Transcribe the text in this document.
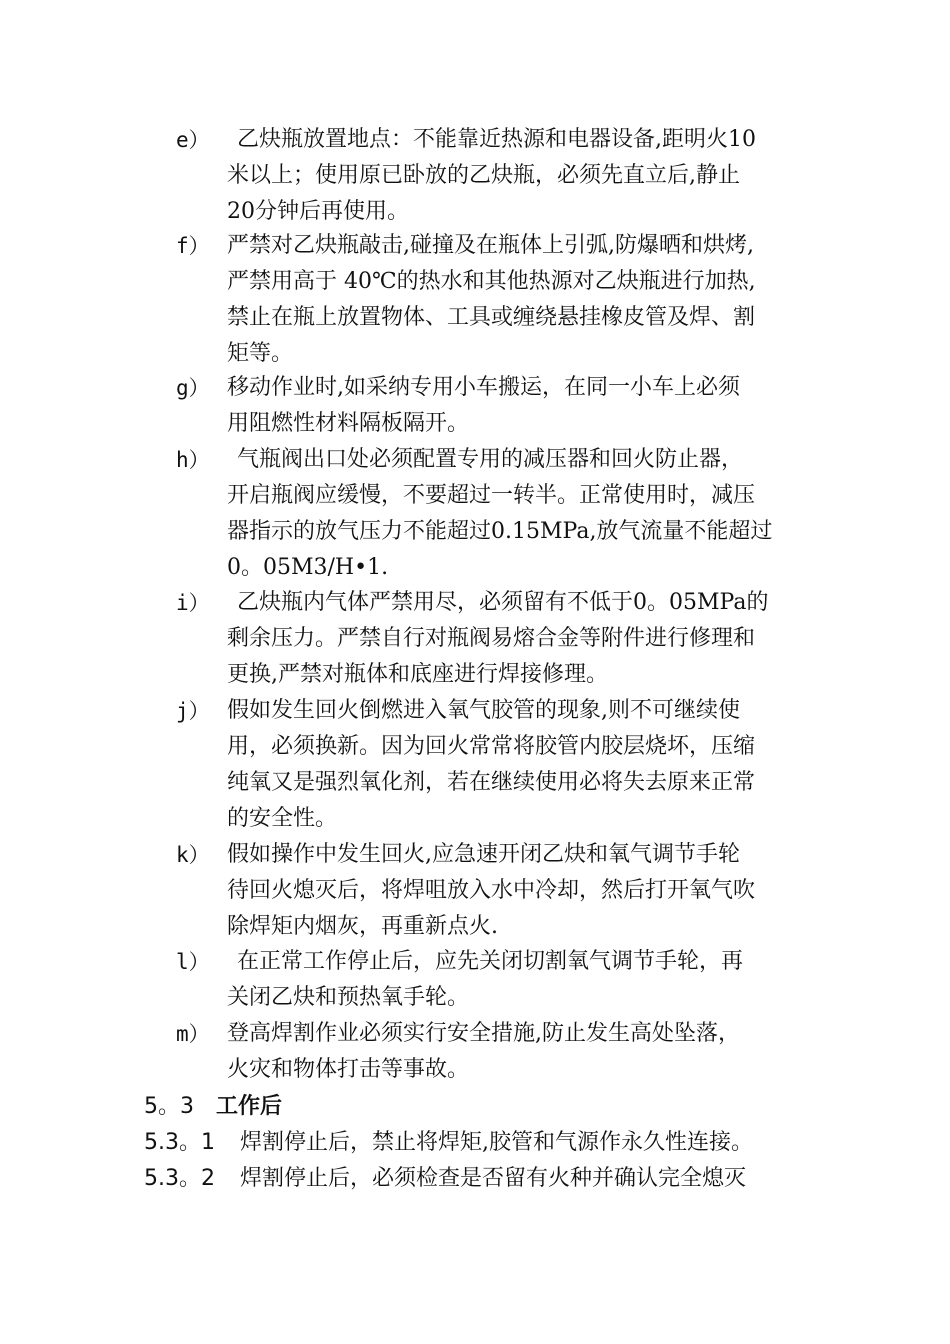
e）	乙炔瓶放置地点：不能靠近热源和电器设备,距明火10
米以上；使用原已卧放的乙炔瓶，必须先直立后,静止
20分钟后再使用。
f） 严禁对乙炔瓶敲击,碰撞及在瓶体上引弧,防爆晒和烘烤,
严禁用高于 40℃的热水和其他热源对乙炔瓶进行加热,
禁止在瓶上放置物体、工具或缠绕悬挂橡皮管及焊、割
矩等。
g） 移动作业时,如采纳专用小车搬运，在同一小车上必须
用阻燃性材料隔板隔开。
h）	气瓶阀出口处必须配置专用的减压器和回火防止器，
开启瓶阀应缓慢，不要超过一转半。正常使用时，减压
器指示的放气压力不能超过0.15MPa,放气流量不能超过
0。05M3/H•1.
i）	乙炔瓶内气体严禁用尽，必须留有不低于0。05MPa的
剩余压力。严禁自行对瓶阀易熔合金等附件进行修理和
更换,严禁对瓶体和底座进行焊接修理。
j） 假如发生回火倒燃进入氧气胶管的现象,则不可继续使
用，必须换新。因为回火常常将胶管内胶层烧坏，压缩
纯氧又是强烈氧化剂，若在继续使用必将失去原来正常
的安全性。
k） 假如操作中发生回火,应急速开闭乙炔和氧气调节手轮
待回火熄灭后，将焊咀放入水中冷却，然后打开氧气吹
除焊矩内烟灰，再重新点火.
l）	在正常工作停止后，应先关闭切割氧气调节手轮，再
关闭乙炔和预热氧手轮。
m） 登高焊割作业必须实行安全措施,防止发生高处坠落，
火灾和物体打击等事故。
5。3 工作后
5.3。1 焊割停止后，禁止将焊矩,胶管和气源作永久性连接。
5.3。2 焊割停止后，必须检查是否留有火种并确认完全熄灭
